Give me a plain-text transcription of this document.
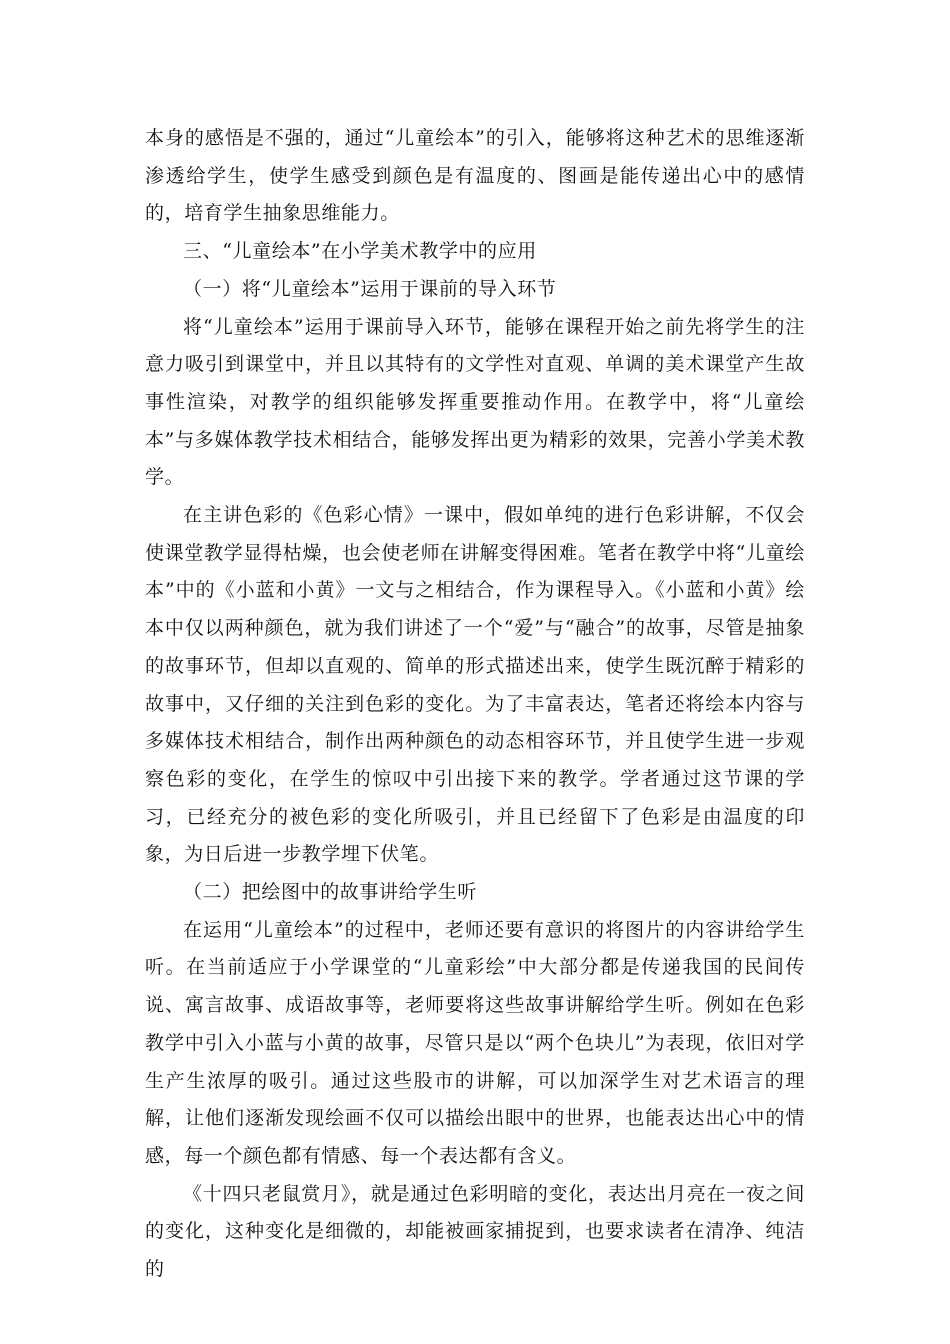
本身的感悟是不强的，通过“儿童绘本”的引入，能够将这种艺术的思维逐渐渗透给学生，使学生感受到颜色是有温度的、图画是能传递出心中的感情的，培育学生抽象思维能力。

三、“儿童绘本”在小学美术教学中的应用

（一）将“儿童绘本”运用于课前的导入环节

将“儿童绘本”运用于课前导入环节，能够在课程开始之前先将学生的注意力吸引到课堂中，并且以其特有的文学性对直观、单调的美术课堂产生故事性渲染，对教学的组织能够发挥重要推动作用。在教学中，将“儿童绘本”与多媒体教学技术相结合，能够发挥出更为精彩的效果，完善小学美术教学。

在主讲色彩的《色彩心情》一课中，假如单纯的进行色彩讲解，不仅会使课堂教学显得枯燥，也会使老师在讲解变得困难。笔者在教学中将“儿童绘本”中的《小蓝和小黄》一文与之相结合，作为课程导入。《小蓝和小黄》绘本中仅以两种颜色，就为我们讲述了一个“爱”与“融合”的故事，尽管是抽象的故事环节，但却以直观的、简单的形式描述出来，使学生既沉醉于精彩的故事中，又仔细的关注到色彩的变化。为了丰富表达，笔者还将绘本内容与多媒体技术相结合，制作出两种颜色的动态相容环节，并且使学生进一步观察色彩的变化，在学生的惊叹中引出接下来的教学。学者通过这节课的学习，已经充分的被色彩的变化所吸引，并且已经留下了色彩是由温度的印象，为日后进一步教学埋下伏笔。

（二）把绘图中的故事讲给学生听

在运用“儿童绘本”的过程中，老师还要有意识的将图片的内容讲给学生听。在当前适应于小学课堂的“儿童彩绘”中大部分都是传递我国的民间传说、寓言故事、成语故事等，老师要将这些故事讲解给学生听。例如在色彩教学中引入小蓝与小黄的故事，尽管只是以“两个色块儿”为表现，依旧对学生产生浓厚的吸引。通过这些股市的讲解，可以加深学生对艺术语言的理解，让他们逐渐发现绘画不仅可以描绘出眼中的世界，也能表达出心中的情感，每一个颜色都有情感、每一个表达都有含义。

《十四只老鼠赏月》，就是通过色彩明暗的变化，表达出月亮在一夜之间的变化，这种变化是细微的，却能被画家捕捉到，也要求读者在清净、纯洁的
